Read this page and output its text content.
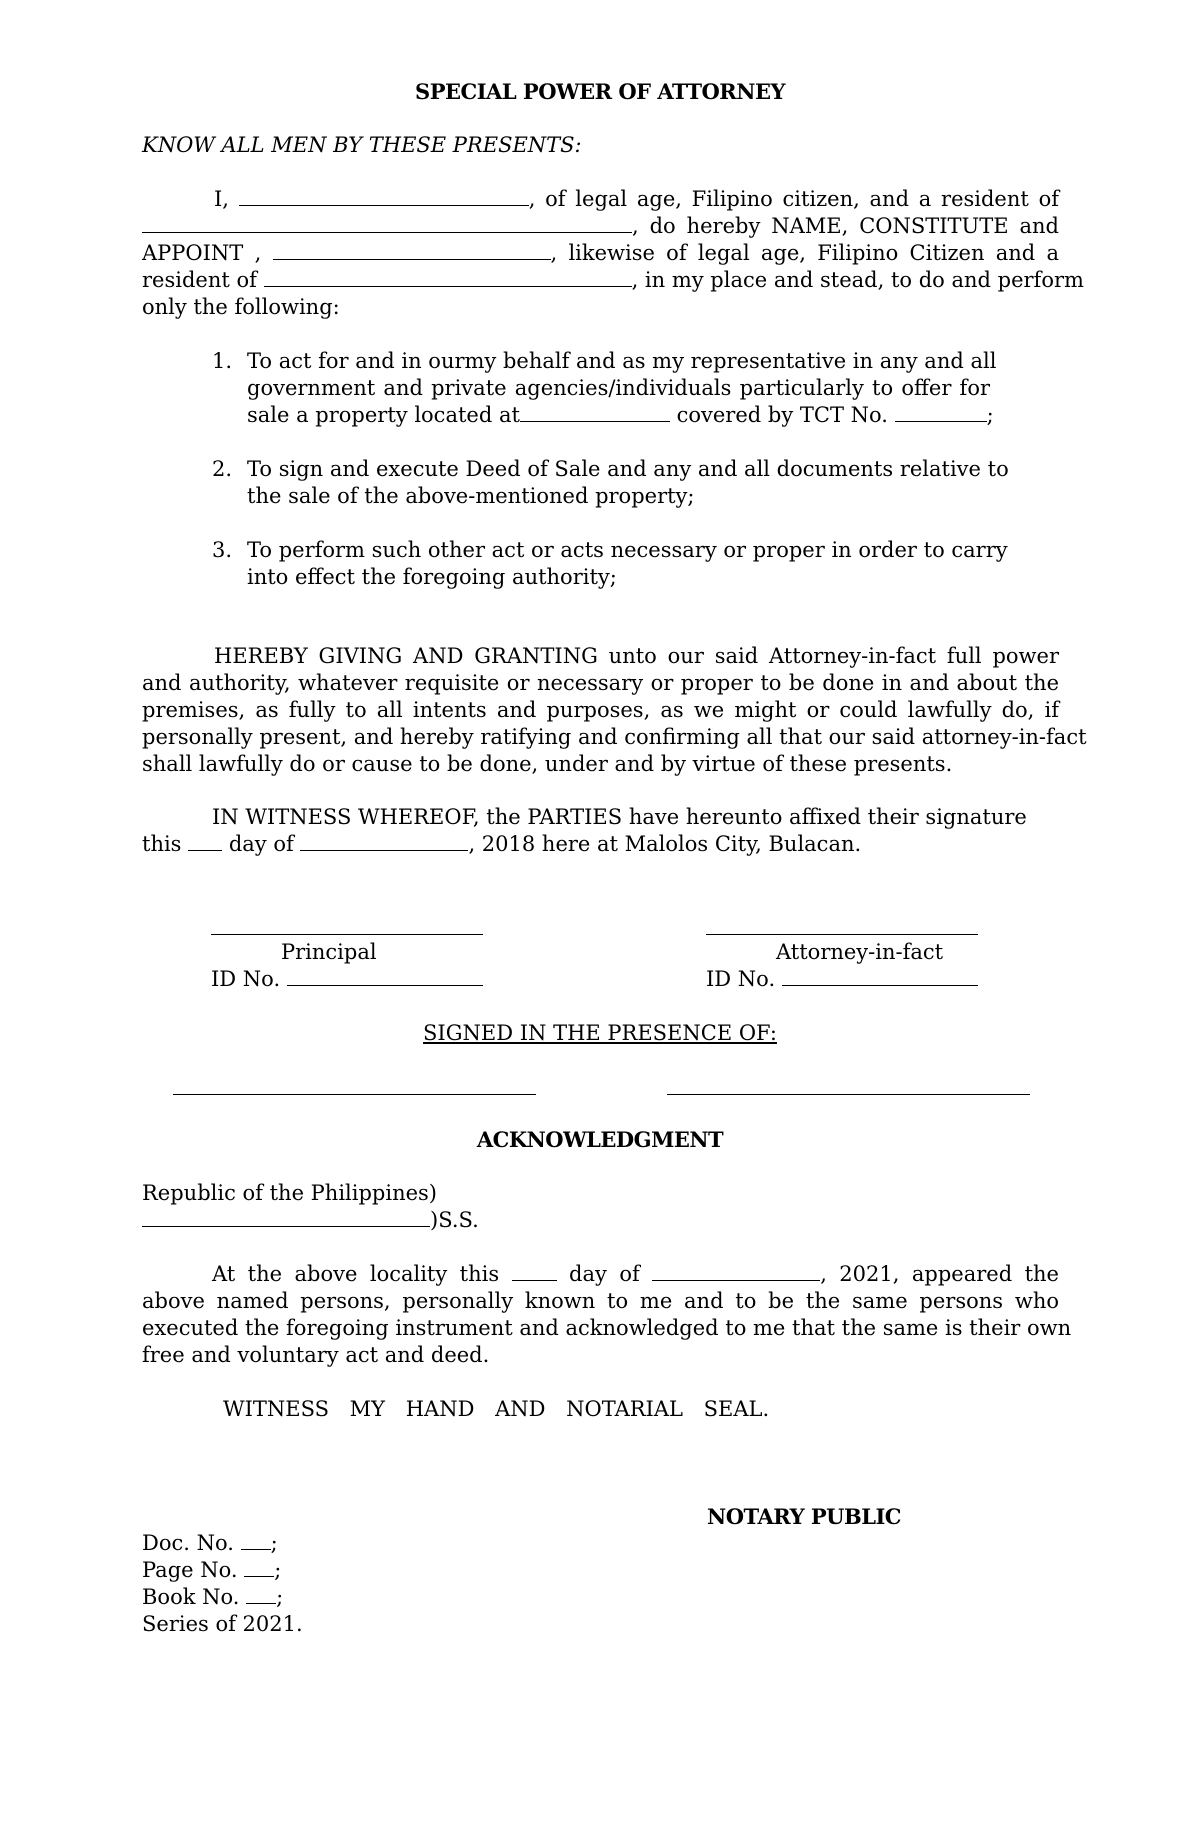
SPECIAL POWER OF ATTORNEY
KNOW ALL MEN BY THESE PRESENTS:
I,	, of legal age, Filipino citizen, and a resident of
, do hereby NAME, CONSTITUTE and
APPOINT ,	, likewise of legal age, Filipino Citizen and a
resident of	, in my place and stead, to do and perform
only the following:
1. To act for and in ourmy behalf and as my representative in any and all
government and private agencies/individuals particularly to offer for
sale a property located at	covered by TCT No.	;
2. To sign and execute Deed of Sale and any and all documents relative to
the sale of the above-mentioned property;
3. To perform such other act or acts necessary or proper in order to carry
into effect the foregoing authority;
HEREBY GIVING AND GRANTING unto our said Attorney-in-fact full power
and authority, whatever requisite or necessary or proper to be done in and about the
premises, as fully to all intents and purposes, as we might or could lawfully do, if
personally present, and hereby ratifying and confirming all that our said attorney-in-fact
shall lawfully do or cause to be done, under and by virtue of these presents.
IN WITNESS WHEREOF, the PARTIES have hereunto affixed their signature
this day of	, 2018 here at Malolos City, Bulacan.
Principal
ID No.
Attorney-in-fact
ID No.
SIGNED IN THE PRESENCE OF:
ACKNOWLEDGMENT
Republic of the Philippines)
)S.S.
At the above locality this	day of	, 2021, appeared the
above named persons, personally known to me and to be the same persons who
executed the foregoing instrument and acknowledged to me that the same is their own
free and voluntary act and deed.
WITNESS MY HAND AND NOTARIAL SEAL.
NOTARY PUBLIC
Doc. No. ;
Page No. ;
Book No. ;
Series of 2021.
